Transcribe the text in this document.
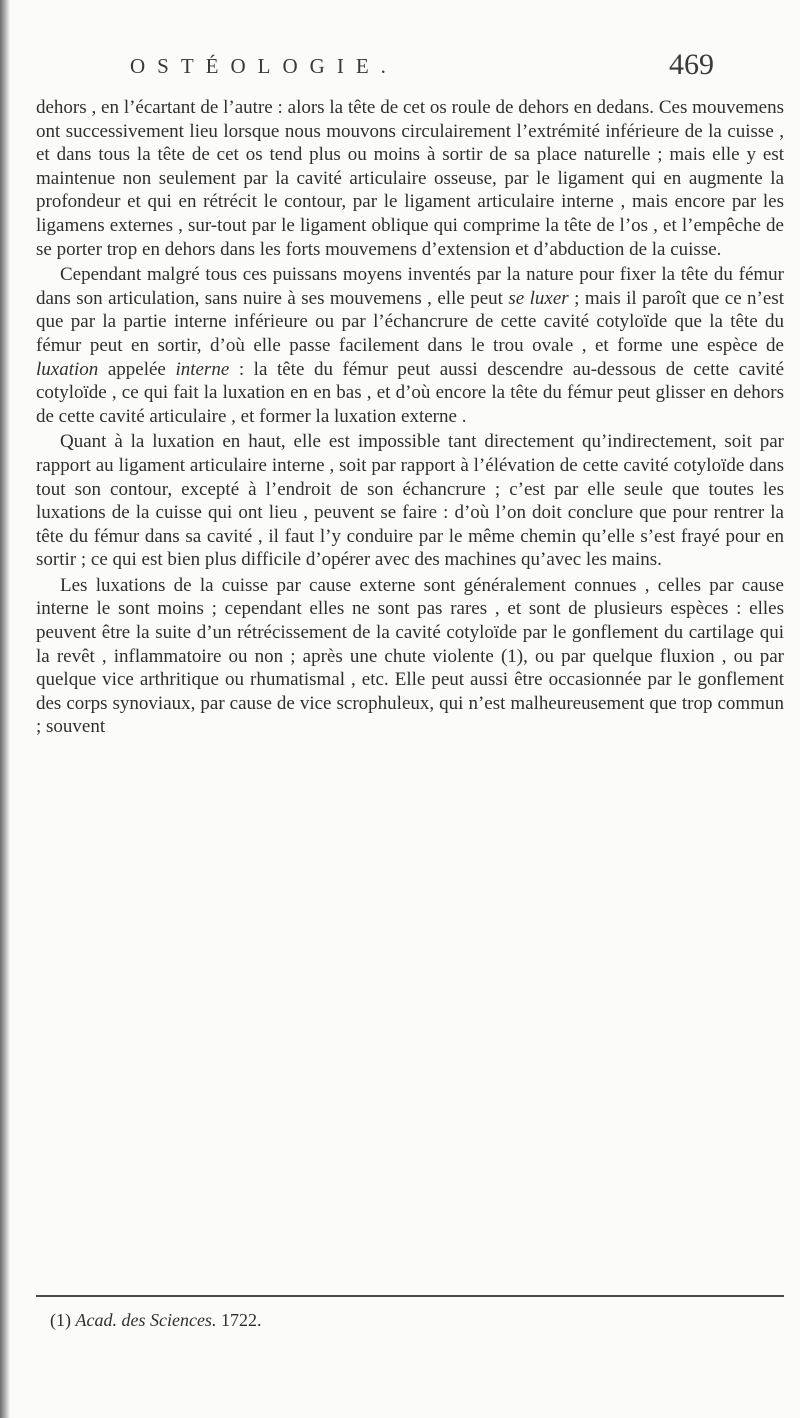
OSTÉOLOGIE.	469

dehors , en l’écartant de l’autre : alors la tête de cet os roule de dehors en dedans. Ces mouvemens ont successivement lieu lorsque nous mouvons circulairement l’extrémité inférieure de la cuisse , et dans tous la tête de cet os tend plus ou moins à sortir de sa place naturelle ; mais elle y est maintenue non seulement par la cavité articulaire osseuse, par le ligament qui en augmente la profondeur et qui en rétrécit le contour, par le ligament articulaire interne , mais encore par les ligamens externes , sur-tout par le ligament oblique qui comprime la tête de l’os , et l’empêche de se porter trop en dehors dans les forts mouvemens d’extension et d’abduction de la cuisse.

Cependant malgré tous ces puissans moyens inventés par la nature pour fixer la tête du fémur dans son articulation, sans nuire à ses mouvemens , elle peut se luxer ; mais il paroît que ce n’est que par la partie interne inférieure ou par l’échancrure de cette cavité cotyloïde que la tête du fémur peut en sortir, d’où elle passe facilement dans le trou ovale , et forme une espèce de luxation appelée interne : la tête du fémur peut aussi descendre au-dessous de cette cavité cotyloïde , ce qui fait la luxation en en bas , et d’où encore la tête du fémur peut glisser en dehors de cette cavité articulaire , et former la luxation externe .

Quant à la luxation en haut, elle est impossible tant directement qu’indirectement, soit par rapport au ligament articulaire interne , soit par rapport à l’élévation de cette cavité cotyloïde dans tout son contour, excepté à l’endroit de son échancrure ; c’est par elle seule que toutes les luxations de la cuisse qui ont lieu , peuvent se faire : d’où l’on doit conclure que pour rentrer la tête du fémur dans sa cavité , il faut l’y conduire par le même chemin qu’elle s’est frayé pour en sortir ; ce qui est bien plus difficile d’opérer avec des machines qu’avec les mains.

Les luxations de la cuisse par cause externe sont généralement connues , celles par cause interne le sont moins ; cependant elles ne sont pas rares , et sont de plusieurs espèces : elles peuvent être la suite d’un rétrécissement de la cavité cotyloïde par le gonflement du cartilage qui la revêt , inflammatoire ou non ; après une chute violente (1), ou par quelque fluxion , ou par quelque vice arthritique ou rhumatismal , etc. Elle peut aussi être occasionnée par le gonflement des corps synoviaux, par cause de vice scrophuleux, qui n’est malheureusement que trop commun ; souvent

(1) Acad. des Sciences. 1722.
